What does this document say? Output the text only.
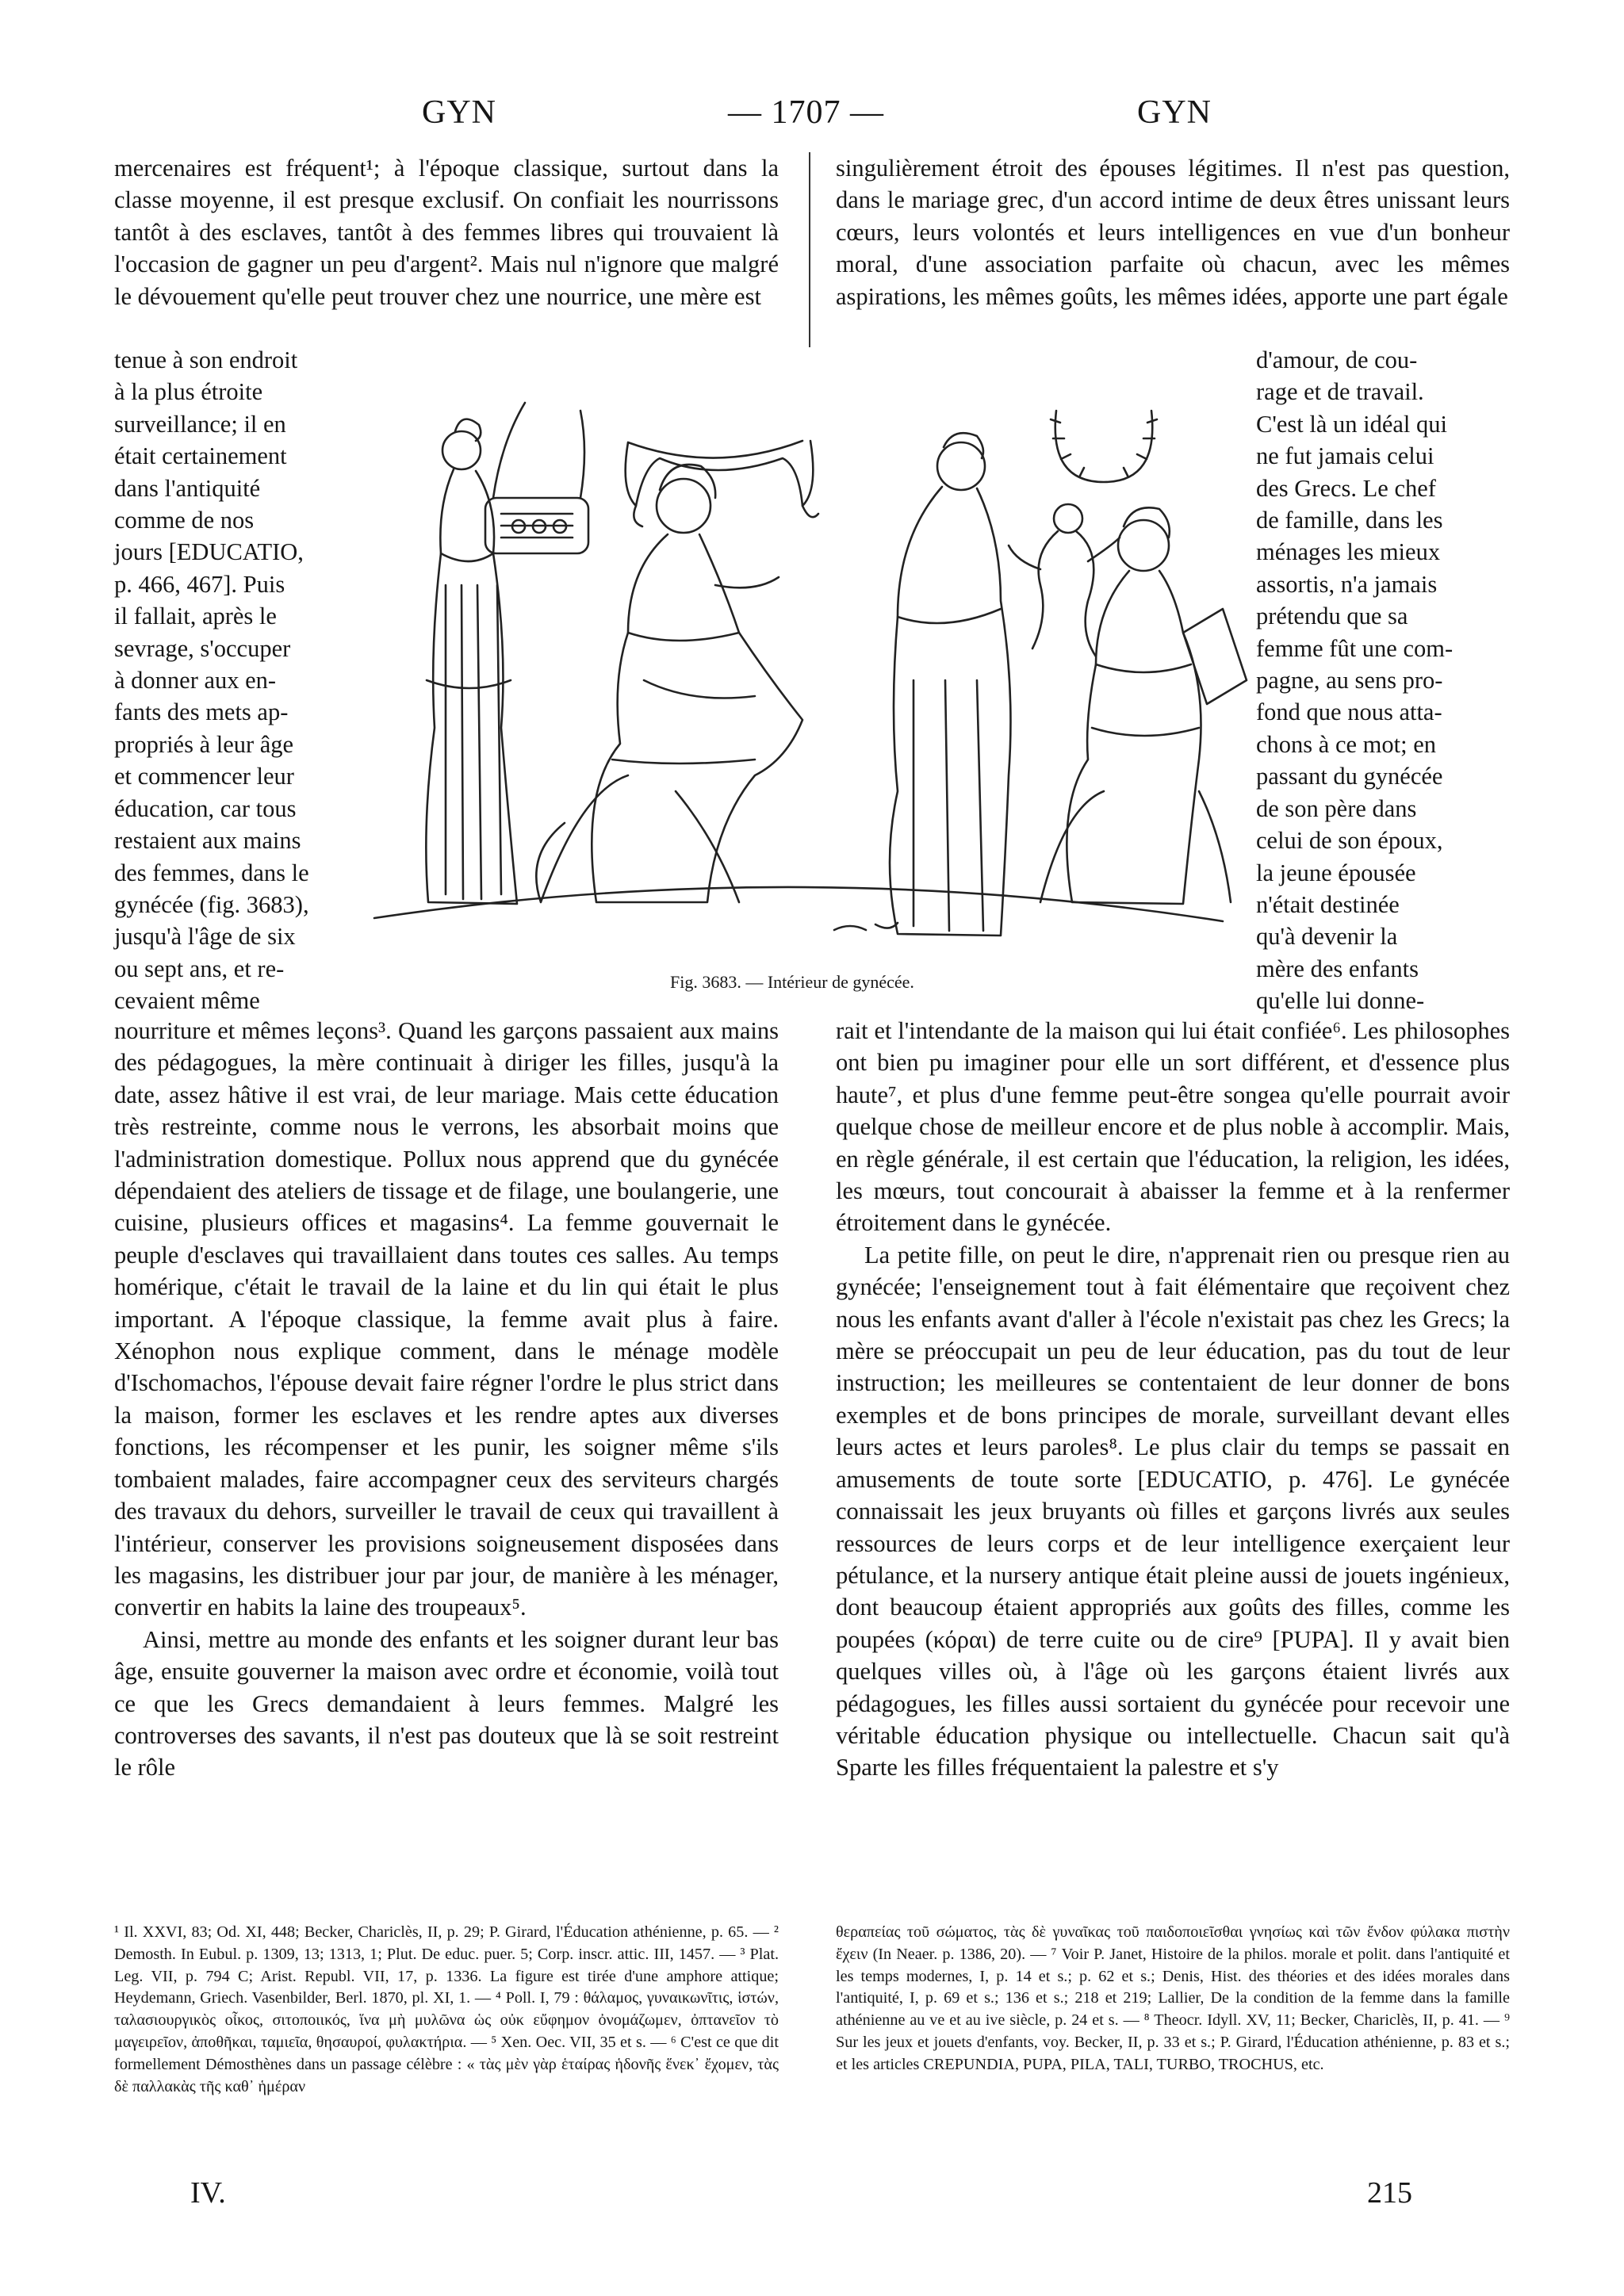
GYN	— 1707 —	GYN

mercenaires est fréquent¹; à l'époque classique, surtout dans la classe moyenne, il est presque exclusif. On confiait les nourrissons tantôt à des esclaves, tantôt à des femmes libres qui trouvaient là l'occasion de gagner un peu d'argent². Mais nul n'ignore que malgré le dévouement qu'elle peut trouver chez une nourrice, une mère est

tenue à son endroit

à la plus étroite

surveillance; il en

était certainement

dans l'antiquité

comme de nos

jours [EDUCATIO,

p. 466, 467]. Puis

il fallait, après le

sevrage, s'occuper

à donner aux en-

fants des mets ap-

propriés à leur âge

et commencer leur

éducation, car tous

restaient aux mains

des femmes, dans le

gynécée (fig. 3683),

jusqu'à l'âge de six

ou sept ans, et re-

cevaient même

nourriture et mêmes leçons³. Quand les garçons passaient aux mains des pédagogues, la mère continuait à diriger les filles, jusqu'à la date, assez hâtive il est vrai, de leur mariage. Mais cette éducation très restreinte, comme nous le verrons, les absorbait moins que l'administration domestique. Pollux nous apprend que du gynécée dépendaient des ateliers de tissage et de filage, une boulangerie, une cuisine, plusieurs offices et magasins⁴. La femme gouvernait le peuple d'esclaves qui travaillaient dans toutes ces salles. Au temps homérique, c'était le travail de la laine et du lin qui était le plus important. A l'époque classique, la femme avait plus à faire. Xénophon nous explique comment, dans le ménage modèle d'Ischomachos, l'épouse devait faire régner l'ordre le plus strict dans la maison, former les esclaves et les rendre aptes aux diverses fonctions, les récompenser et les punir, les soigner même s'ils tombaient malades, faire accompagner ceux des serviteurs chargés des travaux du dehors, surveiller le travail de ceux qui travaillent à l'intérieur, conserver les provisions soigneusement disposées dans les magasins, les distribuer jour par jour, de manière à les ménager, convertir en habits la laine des troupeaux⁵.

Ainsi, mettre au monde des enfants et les soigner durant leur bas âge, ensuite gouverner la maison avec ordre et économie, voilà tout ce que les Grecs demandaient à leurs femmes. Malgré les controverses des savants, il n'est pas douteux que là se soit restreint le rôle

singulièrement étroit des épouses légitimes. Il n'est pas question, dans le mariage grec, d'un accord intime de deux êtres unissant leurs cœurs, leurs volontés et leurs intelligences en vue d'un bonheur moral, d'une association parfaite où chacun, avec les mêmes aspirations, les mêmes goûts, les mêmes idées, apporte une part égale

d'amour, de cou-

rage et de travail.

C'est là un idéal qui

ne fut jamais celui

des Grecs. Le chef

de famille, dans les

ménages les mieux

assortis, n'a jamais

prétendu que sa

femme fût une com-

pagne, au sens pro-

fond que nous atta-

chons à ce mot; en

passant du gynécée

de son père dans

celui de son époux,

la jeune épousée

n'était destinée

qu'à devenir la

mère des enfants

qu'elle lui donne-

rait et l'intendante de la maison qui lui était confiée⁶. Les philosophes ont bien pu imaginer pour elle un sort différent, et d'essence plus haute⁷, et plus d'une femme peut-être songea qu'elle pourrait avoir quelque chose de meilleur encore et de plus noble à accomplir. Mais, en règle générale, il est certain que l'éducation, la religion, les idées, les mœurs, tout concourait à abaisser la femme et à la renfermer étroitement dans le gynécée.

La petite fille, on peut le dire, n'apprenait rien ou presque rien au gynécée; l'enseignement tout à fait élémentaire que reçoivent chez nous les enfants avant d'aller à l'école n'existait pas chez les Grecs; la mère se préoccupait un peu de leur éducation, pas du tout de leur instruction; les meilleures se contentaient de leur donner de bons exemples et de bons principes de morale, surveillant devant elles leurs actes et leurs paroles⁸. Le plus clair du temps se passait en amusements de toute sorte [EDUCATIO, p. 476]. Le gynécée connaissait les jeux bruyants où filles et garçons livrés aux seules ressources de leurs corps et de leur intelligence exerçaient leur pétulance, et la nursery antique était pleine aussi de jouets ingénieux, dont beaucoup étaient appropriés aux goûts des filles, comme les poupées (κόραι) de terre cuite ou de cire⁹ [PUPA]. Il y avait bien quelques villes où, à l'âge où les garçons étaient livrés aux pédagogues, les filles aussi sortaient du gynécée pour recevoir une véritable éducation physique ou intellectuelle. Chacun sait qu'à Sparte les filles fréquentaient la palestre et s'y

Fig. 3683. — Intérieur de gynécée.
¹ Il. XXVI, 83; Od. XI, 448; Becker, Chariclès, II, p. 29; P. Girard, l'Éducation athénienne, p. 65. — ² Demosth. In Eubul. p. 1309, 13; 1313, 1; Plut. De educ. puer. 5; Corp. inscr. attic. III, 1457. — ³ Plat. Leg. VII, p. 794 C; Arist. Republ. VII, 17, p. 1336. La figure est tirée d'une amphore attique; Heydemann, Griech. Vasenbilder, Berl. 1870, pl. XI, 1. — ⁴ Poll. I, 79 : θάλαμος, γυναικωνῖτις, ἱστών, ταλασιουργικὸς οἶκος, σιτοποιικός, ἵνα μὴ μυλῶνα ὡς οὐκ εὔφημον ὀνομάζωμεν, ὀπτανεῖον τὸ μαγειρεῖον, ἀποθῆκαι, ταμιεῖα, θησαυροί, φυλακτήρια. — ⁵ Xen. Oec. VII, 35 et s. — ⁶ C'est ce que dit formellement Démosthènes dans un passage célèbre : « τὰς μὲν γὰρ ἑταίρας ἡδονῆς ἕνεκ᾽ ἔχομεν, τὰς δὲ παλλακὰς τῆς καθ᾽ ἡμέραν
θεραπείας τοῦ σώματος, τὰς δὲ γυναῖκας τοῦ παιδοποιεῖσθαι γνησίως καὶ τῶν ἔνδον φύλακα πιστὴν ἔχειν (In Neaer. p. 1386, 20). — ⁷ Voir P. Janet, Histoire de la philos. morale et polit. dans l'antiquité et les temps modernes, I, p. 14 et s.; p. 62 et s.; Denis, Hist. des théories et des idées morales dans l'antiquité, I, p. 69 et s.; 136 et s.; 218 et 219; Lallier, De la condition de la femme dans la famille athénienne au ve et au ive siècle, p. 24 et s. — ⁸ Theocr. Idyll. XV, 11; Becker, Chariclès, II, p. 41. — ⁹ Sur les jeux et jouets d'enfants, voy. Becker, II, p. 33 et s.; P. Girard, l'Éducation athénienne, p. 83 et s.; et les articles CREPUNDIA, PUPA, PILA, TALI, TURBO, TROCHUS, etc.
IV.	215
